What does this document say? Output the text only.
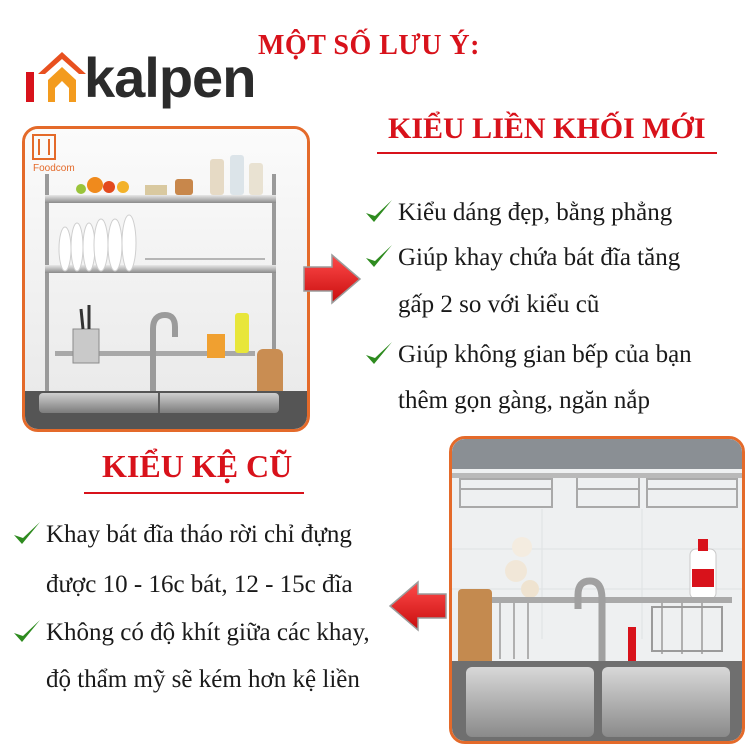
kalpen
MỘT SỐ LƯU Ý:
KIỂU LIỀN KHỐI MỚI
Foodcom
Kiểu dáng đẹp, bằng phẳng
Giúp khay chứa bát đĩa tăng
gấp 2 so với kiểu cũ
Giúp không gian bếp của bạn
thêm gọn gàng, ngăn nắp
KIỂU KỆ CŨ
Khay bát đĩa tháo rời chỉ đựng
được 10 - 16c bát, 12 - 15c đĩa
Không có độ khít giữa các khay,
độ thẩm mỹ sẽ kém hơn kệ liền
